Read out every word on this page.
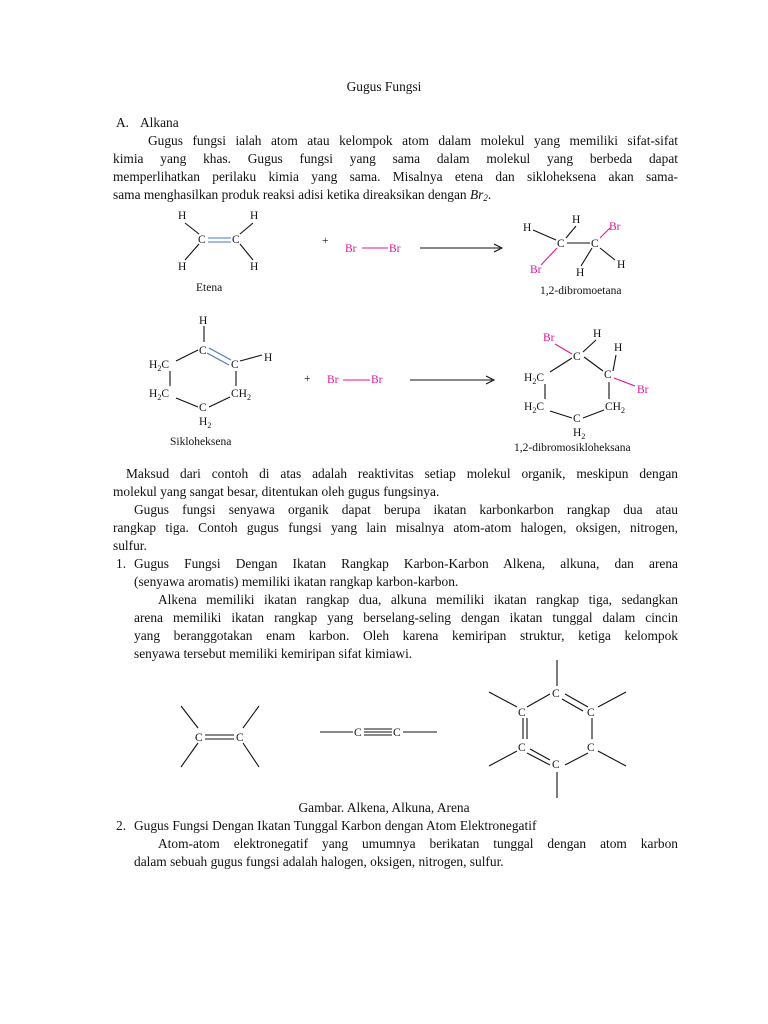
Gugus Fungsi
A. Alkana
Gugus fungsi ialah atom atau kelompok atom dalam molekul yang memiliki sifat-sifat
kimia yang khas. Gugus fungsi yang sama dalam molekul yang berbeda dapat
memperlihatkan perilaku kimia yang sama. Misalnya etena dan sikloheksena akan sama-
sama menghasilkan produk reaksi adisi ketika direaksikan dengan $Br_2$.
H	H
H	H
C C
Etena
+
Br	Br
H
H
Br
C C
Br	H
H
1,2-dibromoetana
H
C
H
C
$H_2C$
$H_2C$	$CH_2$
C
$H_2$
Sikloheksena
+ Br	Br
Br	H
H
C
C
Br
$H_2C$
$H_2C$	$CH_2$
C
$H_2$
1,2-dibromosikloheksana
Maksud dari contoh di atas adalah reaktivitas setiap molekul organik, meskipun dengan
molekul yang sangat besar, ditentukan oleh gugus fungsinya.
Gugus fungsi senyawa organik dapat berupa ikatan karbonkarbon rangkap dua atau
rangkap tiga. Contoh gugus fungsi yang lain misalnya atom-atom halogen, oksigen, nitrogen,
sulfur.
1. Gugus Fungsi Dengan Ikatan Rangkap Karbon-Karbon Alkena, alkuna, dan arena
(senyawa aromatis) memiliki ikatan rangkap karbon-karbon.
Alkena memiliki ikatan rangkap dua, alkuna memiliki ikatan rangkap tiga, sedangkan
arena memiliki ikatan rangkap yang berselang-seling dengan ikatan tunggal dalam cincin
yang beranggotakan enam karbon. Oleh karena kemiripan struktur, ketiga kelompok
senyawa tersebut memiliki kemiripan sifat kimiawi.
C	C	C	C
C
C	C
C	C
C
Gambar. Alkena, Alkuna, Arena
2. Gugus Fungsi Dengan Ikatan Tunggal Karbon dengan Atom Elektronegatif
Atom-atom elektronegatif yang umumnya berikatan tunggal dengan atom karbon
dalam sebuah gugus fungsi adalah halogen, oksigen, nitrogen, sulfur.
